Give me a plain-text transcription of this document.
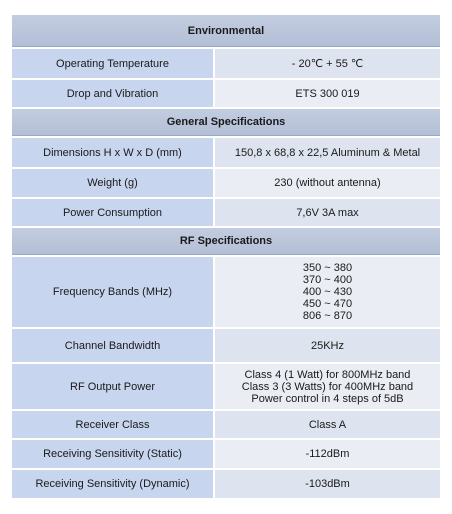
Environmental	
Operating Temperature	- 20℃ + 55 ℃
Drop and Vibration	ETS 300 019
General Specifications	
Dimensions H x W x D (mm)	150,8 x 68,8 x 22,5 Aluminum & Metal
Weight (g)	230 (without antenna)
Power Consumption	7,6V 3A max
RF Specifications	
Frequency Bands (MHz)	350 ~ 380
370 ~ 400
400 ~ 430
450 ~ 470
806 ~ 870

Channel Bandwidth	25KHz
RF Output Power	Class 4 (1 Watt) for 800MHz band
Class 3 (3 Watts) for 400MHz band
Power control in 4 steps of 5dB

Receiver Class	Class A
Receiving Sensitivity (Static)	-112dBm
Receiving Sensitivity (Dynamic)	-103dBm
